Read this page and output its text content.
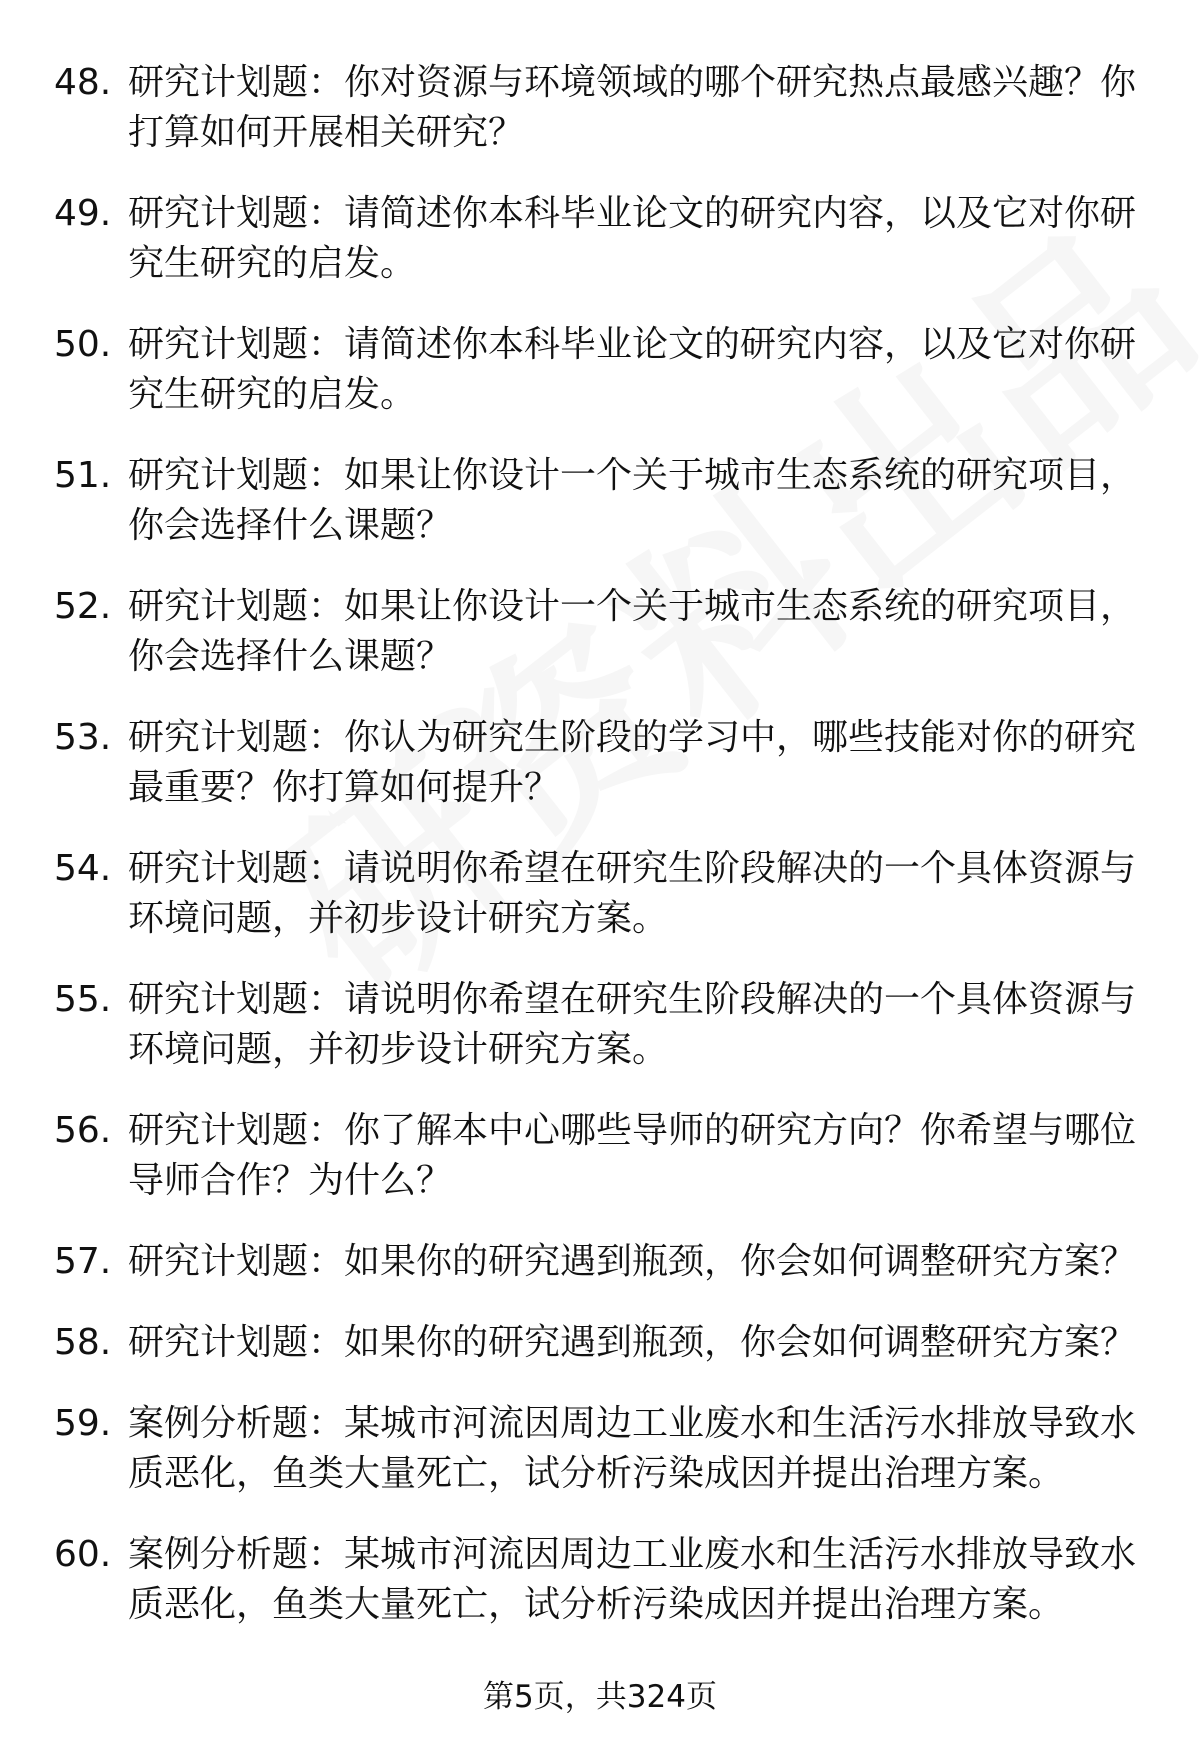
48. 研究计划题：你对资源与环境领域的哪个研究热点最感兴趣？你打算如何开展相关研究？
49. 研究计划题：请简述你本科毕业论文的研究内容，以及它对你研究生研究的启发。
50. 研究计划题：请简述你本科毕业论文的研究内容，以及它对你研究生研究的启发。
51. 研究计划题：如果让你设计一个关于城市生态系统的研究项目，你会选择什么课题？
52. 研究计划题：如果让你设计一个关于城市生态系统的研究项目，你会选择什么课题？
53. 研究计划题：你认为研究生阶段的学习中，哪些技能对你的研究最重要？你打算如何提升？
54. 研究计划题：请说明你希望在研究生阶段解决的一个具体资源与环境问题，并初步设计研究方案。
55. 研究计划题：请说明你希望在研究生阶段解决的一个具体资源与环境问题，并初步设计研究方案。
56. 研究计划题：你了解本中心哪些导师的研究方向？你希望与哪位导师合作？为什么？
57. 研究计划题：如果你的研究遇到瓶颈，你会如何调整研究方案？
58. 研究计划题：如果你的研究遇到瓶颈，你会如何调整研究方案？
59. 案例分析题：某城市河流因周边工业废水和生活污水排放导致水质恶化，鱼类大量死亡，试分析污染成因并提出治理方案。
60. 案例分析题：某城市河流因周边工业废水和生活污水排放导致水质恶化，鱼类大量死亡，试分析污染成因并提出治理方案。
第5页，共324页
